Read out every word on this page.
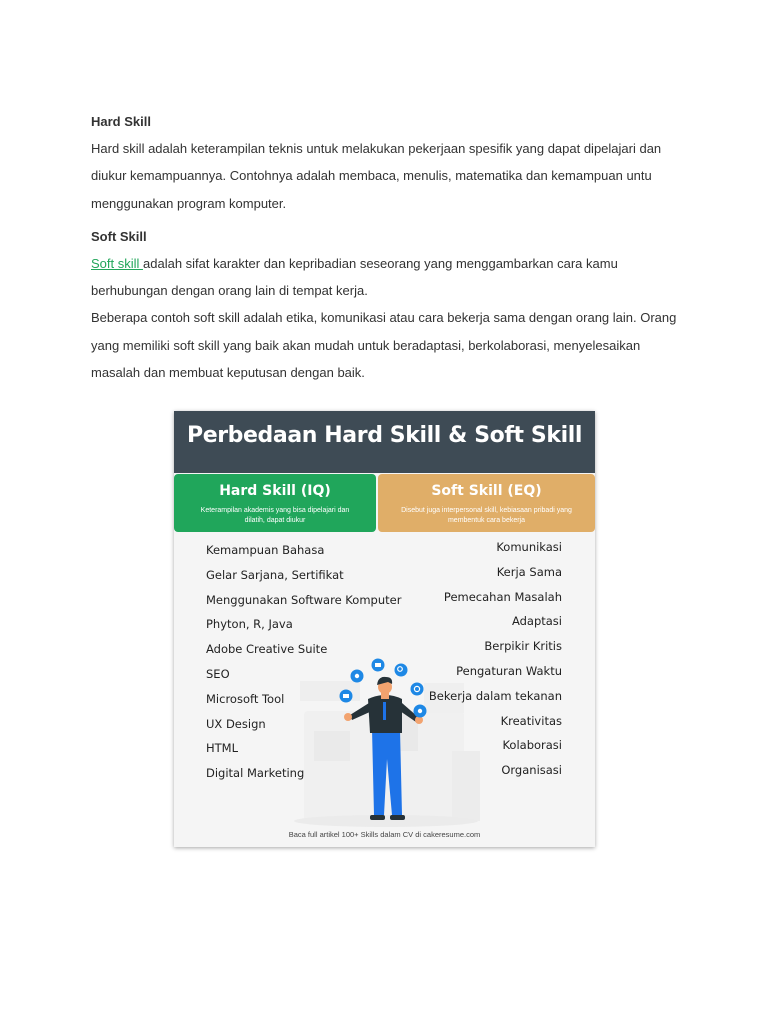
Hard Skill

Hard skill adalah keterampilan teknis untuk melakukan pekerjaan spesifik yang dapat dipelajari dan diukur kemampuannya. Contohnya adalah membaca, menulis, matematika dan kemampuan untu menggunakan program komputer.

Soft Skill

Soft skill adalah sifat karakter dan kepribadian seseorang yang menggambarkan cara kamu berhubungan dengan orang lain di tempat kerja.

Beberapa contoh soft skill adalah etika, komunikasi atau cara bekerja sama dengan orang lain. Orang yang memiliki soft skill yang baik akan mudah untuk beradaptasi, berkolaborasi, menyelesaikan masalah dan membuat keputusan dengan baik.

Perbedaan Hard Skill & Soft Skill
Hard Skill (IQ)
Keterampilan akademis yang bisa dipelajari dan dilatih, dapat diukur
Soft Skill (EQ)
Disebut juga interpersonal skill, kebiasaan pribadi yang membentuk cara bekerja
Kemampuan Bahasa
Gelar Sarjana, Sertifikat
Menggunakan Software Komputer
Phyton, R, Java
Adobe Creative Suite
SEO
Microsoft Tool
UX Design
HTML
Digital Marketing
Komunikasi
Kerja Sama
Pemecahan Masalah
Adaptasi
Berpikir Kritis
Pengaturan Waktu
Bekerja dalam tekanan
Kreativitas
Kolaborasi
Organisasi
Baca full artikel 100+ Skills dalam CV di cakeresume.com
